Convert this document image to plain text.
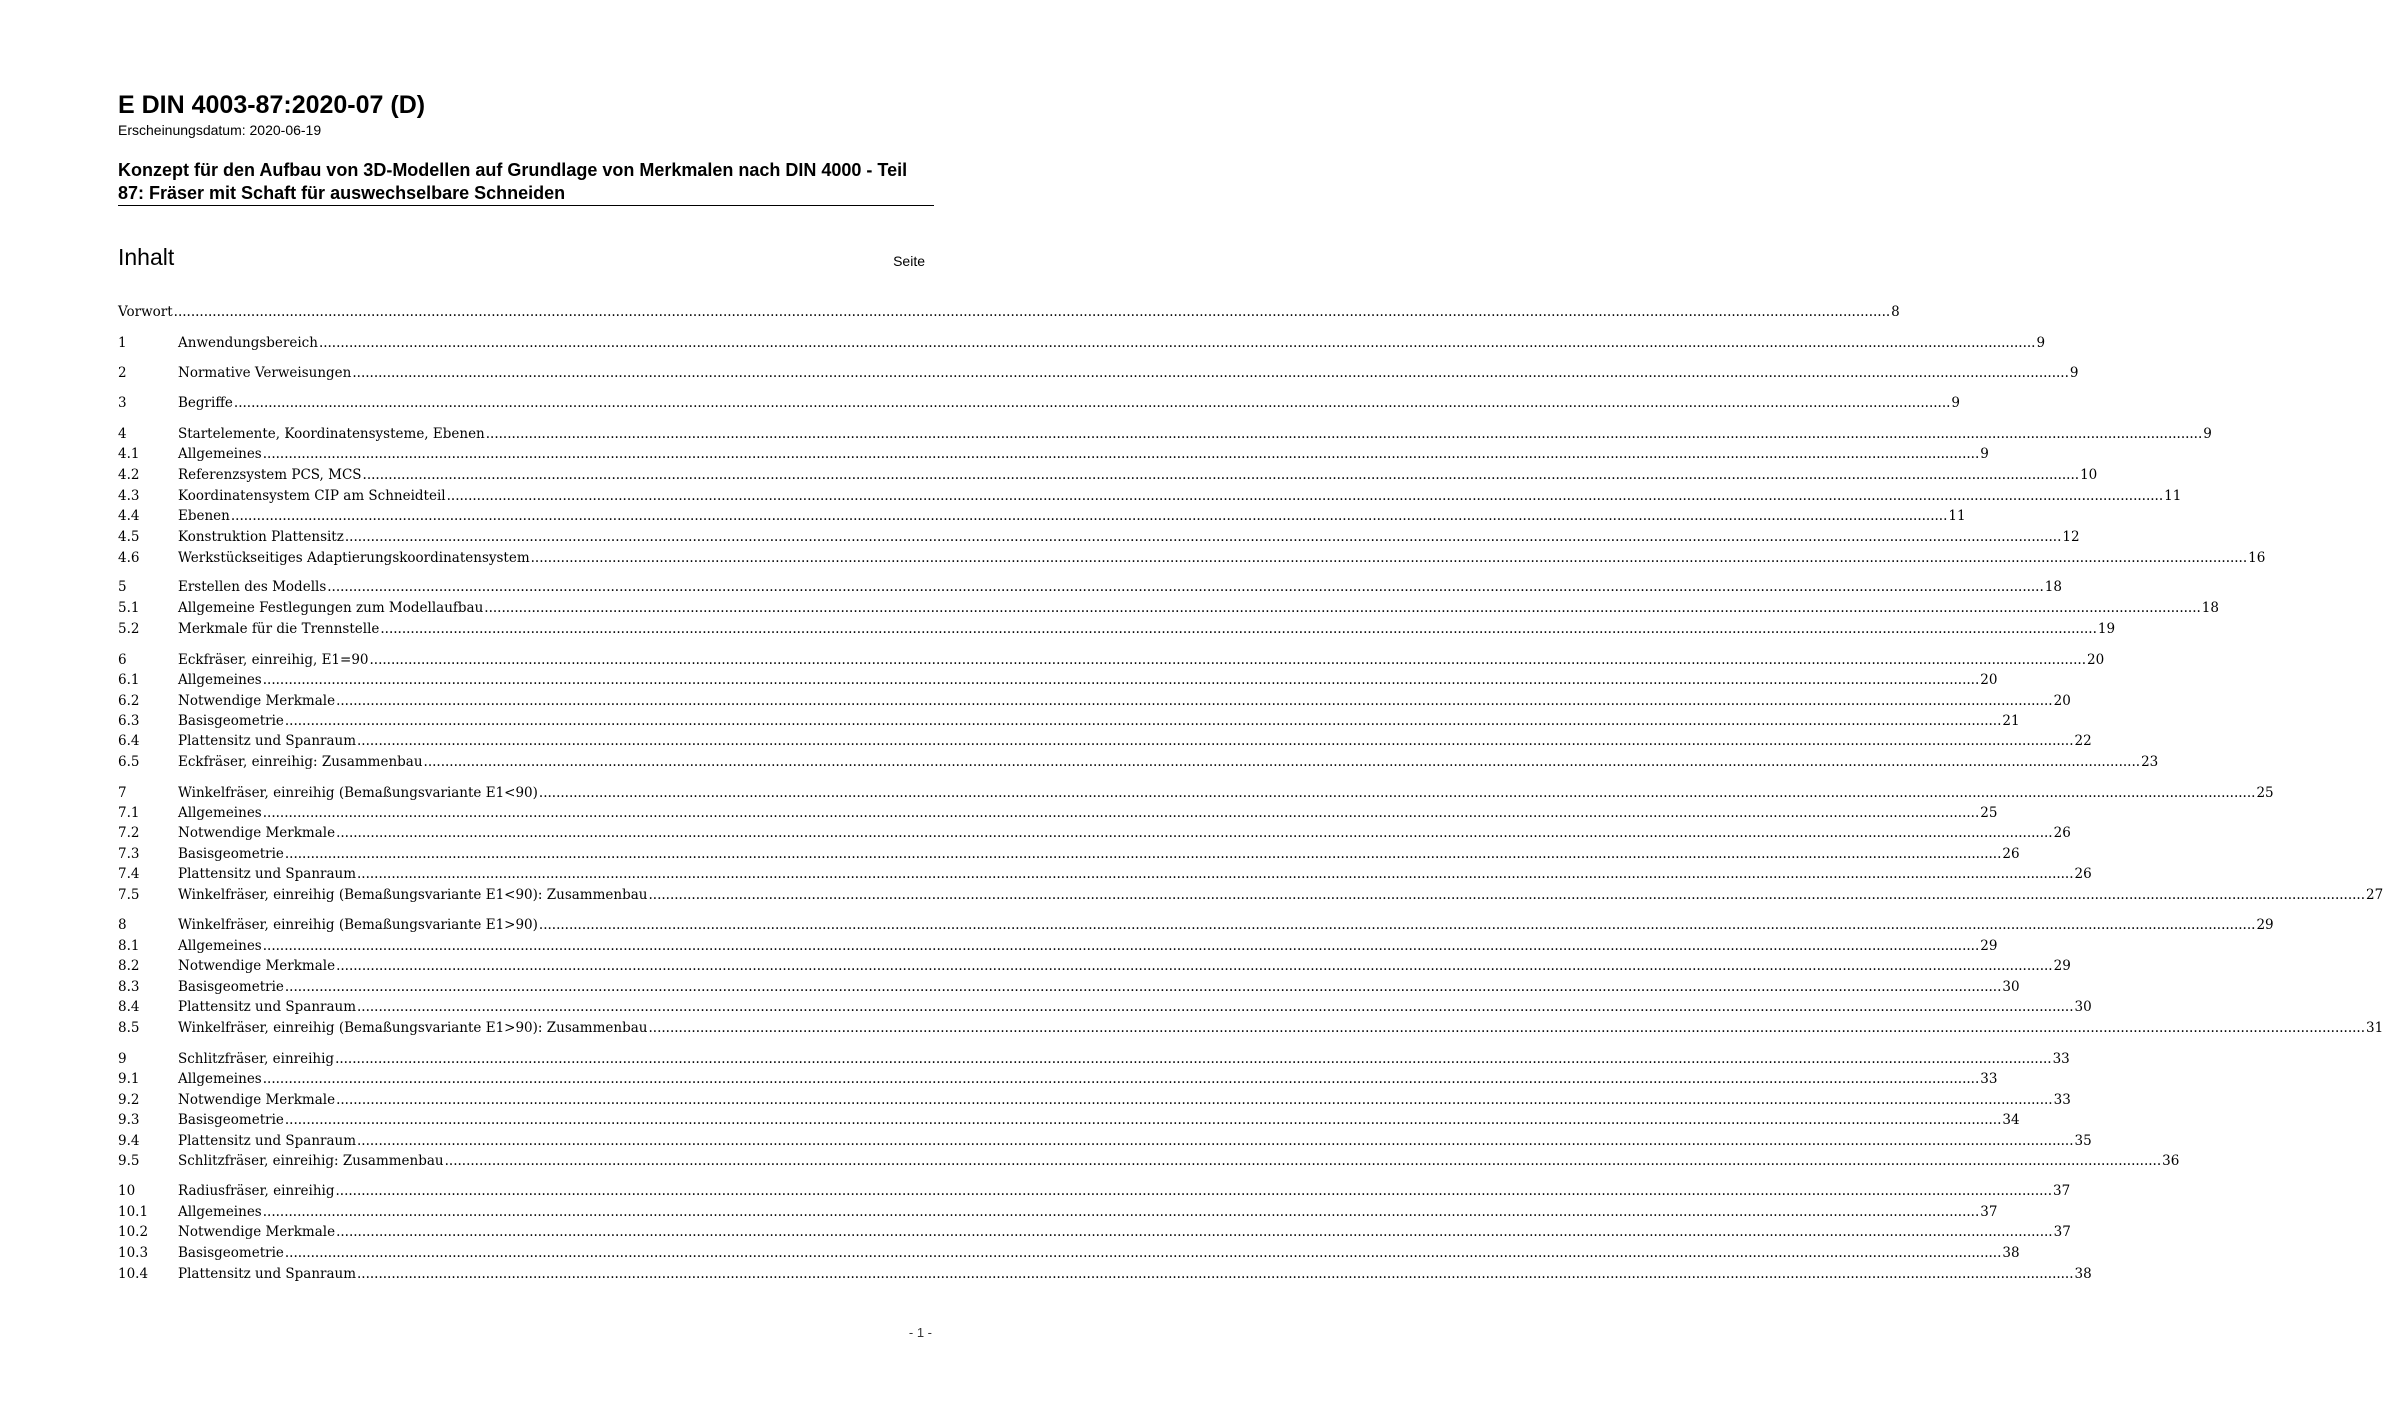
E DIN 4003-87:2020-07 (D)
Erscheinungsdatum: 2020-06-19
Konzept für den Aufbau von 3D-Modellen auf Grundlage von Merkmalen nach DIN 4000 - Teil 87: Fräser mit Schaft für auswechselbare Schneiden
Inhalt	Seite
Vorwort ................................................................................................................................................................................................................................................................................................................................................................................................................ 8
1	Anwendungsbereich ................................................................................................................................................................................................................................................................................................................................................................................................................ 9
2	Normative Verweisungen ................................................................................................................................................................................................................................................................................................................................................................................................................ 9
3	Begriffe ................................................................................................................................................................................................................................................................................................................................................................................................................ 9
4	Startelemente, Koordinatensysteme, Ebenen ................................................................................................................................................................................................................................................................................................................................................................................................................ 9
4.1	Allgemeines ................................................................................................................................................................................................................................................................................................................................................................................................................ 9
4.2	Referenzsystem PCS, MCS ................................................................................................................................................................................................................................................................................................................................................................................................................ 10
4.3	Koordinatensystem CIP am Schneidteil ................................................................................................................................................................................................................................................................................................................................................................................................................ 11
4.4	Ebenen ................................................................................................................................................................................................................................................................................................................................................................................................................ 11
4.5	Konstruktion Plattensitz ................................................................................................................................................................................................................................................................................................................................................................................................................ 12
4.6	Werkstückseitiges Adaptierungskoordinatensystem ................................................................................................................................................................................................................................................................................................................................................................................................................ 16
5	Erstellen des Modells ................................................................................................................................................................................................................................................................................................................................................................................................................ 18
5.1	Allgemeine Festlegungen zum Modellaufbau ................................................................................................................................................................................................................................................................................................................................................................................................................ 18
5.2	Merkmale für die Trennstelle ................................................................................................................................................................................................................................................................................................................................................................................................................ 19
6	Eckfräser, einreihig, E1=90 ................................................................................................................................................................................................................................................................................................................................................................................................................ 20
6.1	Allgemeines ................................................................................................................................................................................................................................................................................................................................................................................................................ 20
6.2	Notwendige Merkmale ................................................................................................................................................................................................................................................................................................................................................................................................................ 20
6.3	Basisgeometrie ................................................................................................................................................................................................................................................................................................................................................................................................................ 21
6.4	Plattensitz und Spanraum ................................................................................................................................................................................................................................................................................................................................................................................................................ 22
6.5	Eckfräser, einreihig: Zusammenbau ................................................................................................................................................................................................................................................................................................................................................................................................................ 23
7	Winkelfräser, einreihig (Bemaßungsvariante E1<90) ................................................................................................................................................................................................................................................................................................................................................................................................................ 25
7.1	Allgemeines ................................................................................................................................................................................................................................................................................................................................................................................................................ 25
7.2	Notwendige Merkmale ................................................................................................................................................................................................................................................................................................................................................................................................................ 26
7.3	Basisgeometrie ................................................................................................................................................................................................................................................................................................................................................................................................................ 26
7.4	Plattensitz und Spanraum ................................................................................................................................................................................................................................................................................................................................................................................................................ 26
7.5	Winkelfräser, einreihig (Bemaßungsvariante E1<90): Zusammenbau ................................................................................................................................................................................................................................................................................................................................................................................................................ 27
8	Winkelfräser, einreihig (Bemaßungsvariante E1>90) ................................................................................................................................................................................................................................................................................................................................................................................................................ 29
8.1	Allgemeines ................................................................................................................................................................................................................................................................................................................................................................................................................ 29
8.2	Notwendige Merkmale ................................................................................................................................................................................................................................................................................................................................................................................................................ 29
8.3	Basisgeometrie ................................................................................................................................................................................................................................................................................................................................................................................................................ 30
8.4	Plattensitz und Spanraum ................................................................................................................................................................................................................................................................................................................................................................................................................ 30
8.5	Winkelfräser, einreihig (Bemaßungsvariante E1>90): Zusammenbau ................................................................................................................................................................................................................................................................................................................................................................................................................ 31
9	Schlitzfräser, einreihig ................................................................................................................................................................................................................................................................................................................................................................................................................ 33
9.1	Allgemeines ................................................................................................................................................................................................................................................................................................................................................................................................................ 33
9.2	Notwendige Merkmale ................................................................................................................................................................................................................................................................................................................................................................................................................ 33
9.3	Basisgeometrie ................................................................................................................................................................................................................................................................................................................................................................................................................ 34
9.4	Plattensitz und Spanraum ................................................................................................................................................................................................................................................................................................................................................................................................................ 35
9.5	Schlitzfräser, einreihig: Zusammenbau ................................................................................................................................................................................................................................................................................................................................................................................................................ 36
10	Radiusfräser, einreihig ................................................................................................................................................................................................................................................................................................................................................................................................................ 37
10.1	Allgemeines ................................................................................................................................................................................................................................................................................................................................................................................................................ 37
10.2	Notwendige Merkmale ................................................................................................................................................................................................................................................................................................................................................................................................................ 37
10.3	Basisgeometrie ................................................................................................................................................................................................................................................................................................................................................................................................................ 38
10.4	Plattensitz und Spanraum ................................................................................................................................................................................................................................................................................................................................................................................................................ 38
- 1 -
